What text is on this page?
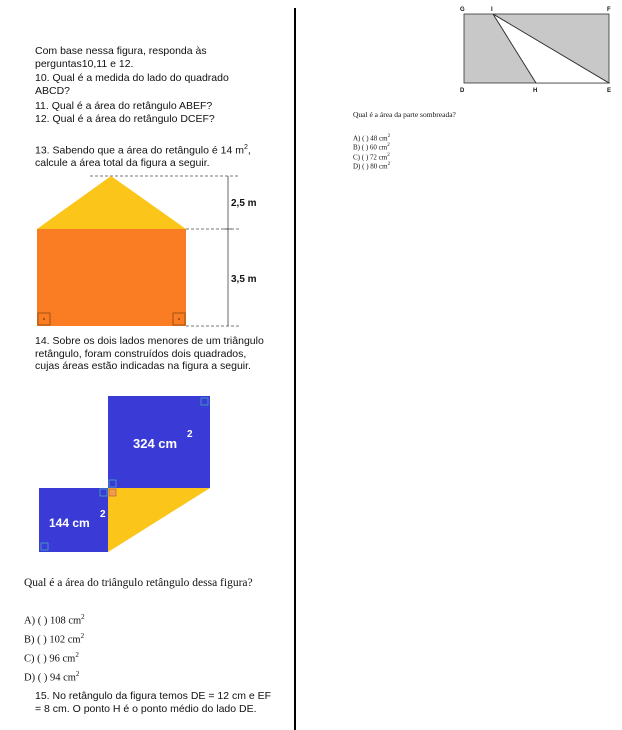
Com base nessa figura, responda às perguntas10,11 e 12.
10. Qual é a medida do lado do quadrado ABCD?
11. Qual é a área do retângulo ABEF?
12. Qual é a área do retângulo DCEF?
13. Sabendo que a área do retângulo é 14 $m^2$,
calcule a área total da figura a seguir.
2,5 m
3,5 m
14. Sobre os dois lados menores de um triângulo retângulo, foram construídos dois quadrados, cujas áreas estão indicadas na figura a seguir.
324 cm
2
144 cm
2
Qual é a área do triângulo retângulo dessa figura?
A) ( ) 108 $cm^2$
B) ( ) 102 $cm^2$
C) ( ) 96 $cm^2$
D) ( ) 94 $cm^2$
15. No retângulo da figura temos DE = 12 cm e EF = 8 cm. O ponto H é o ponto médio do lado DE.
G	I	F
D	H	E
Qual é a área da parte sombreada?
A) ( ) 48 $cm^2$
B) ( ) 60 $cm^2$
C) ( ) 72 $cm^2$
D) ( ) 80 $cm^2$
